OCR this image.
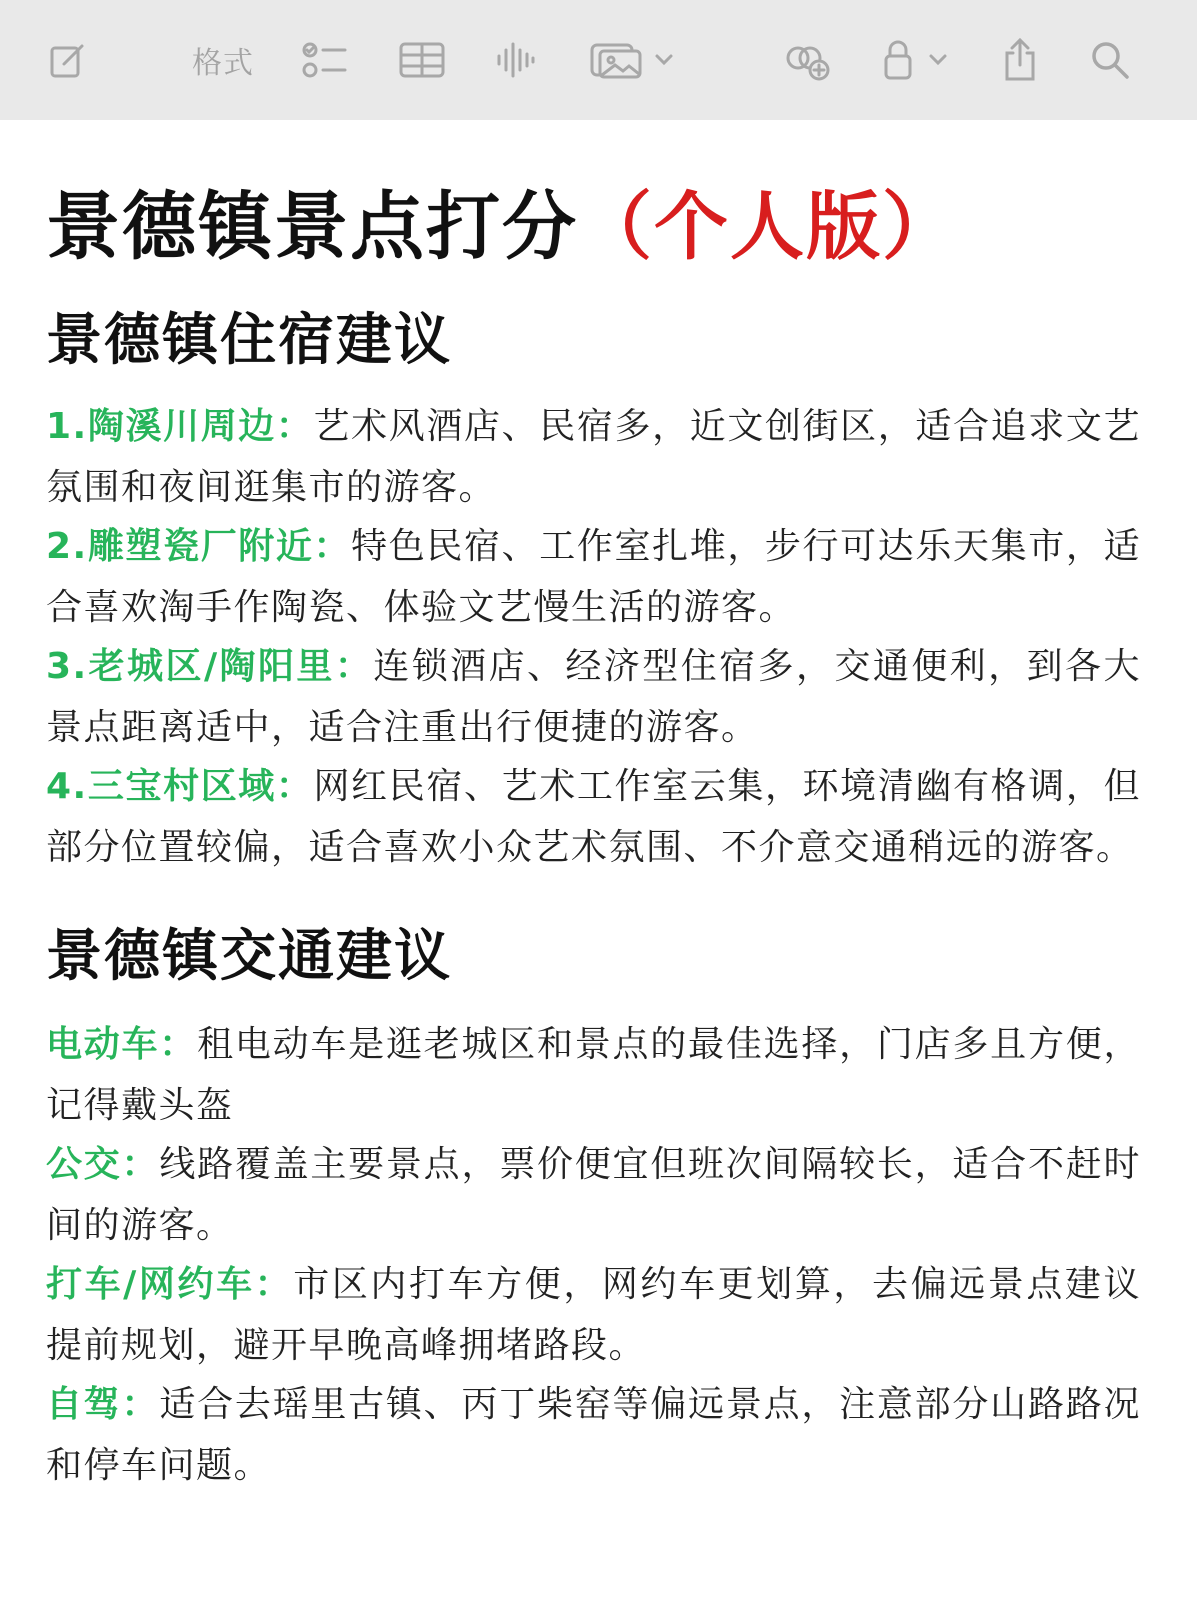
格式
景德镇景点打分（个人版）
景德镇住宿建议
1.陶溪川周边：艺术风酒店、民宿多，近文创街区，适合追求文艺氛围和夜间逛集市的游客。
2.雕塑瓷厂附近：特色民宿、工作室扎堆，步行可达乐天集市，适合喜欢淘手作陶瓷、体验文艺慢生活的游客。
3.老城区/陶阳里：连锁酒店、经济型住宿多，交通便利，到各大景点距离适中，适合注重出行便捷的游客。
4.三宝村区域：网红民宿、艺术工作室云集，环境清幽有格调，但部分位置较偏，适合喜欢小众艺术氛围、不介意交通稍远的游客。
景德镇交通建议
电动车：租电动车是逛老城区和景点的最佳选择，门店多且方便，记得戴头盔
公交：线路覆盖主要景点，票价便宜但班次间隔较长，适合不赶时间的游客。
打车/网约车：市区内打车方便，网约车更划算，去偏远景点建议提前规划，避开早晚高峰拥堵路段。
自驾：适合去瑶里古镇、丙丁柴窑等偏远景点，注意部分山路路况和停车问题。
